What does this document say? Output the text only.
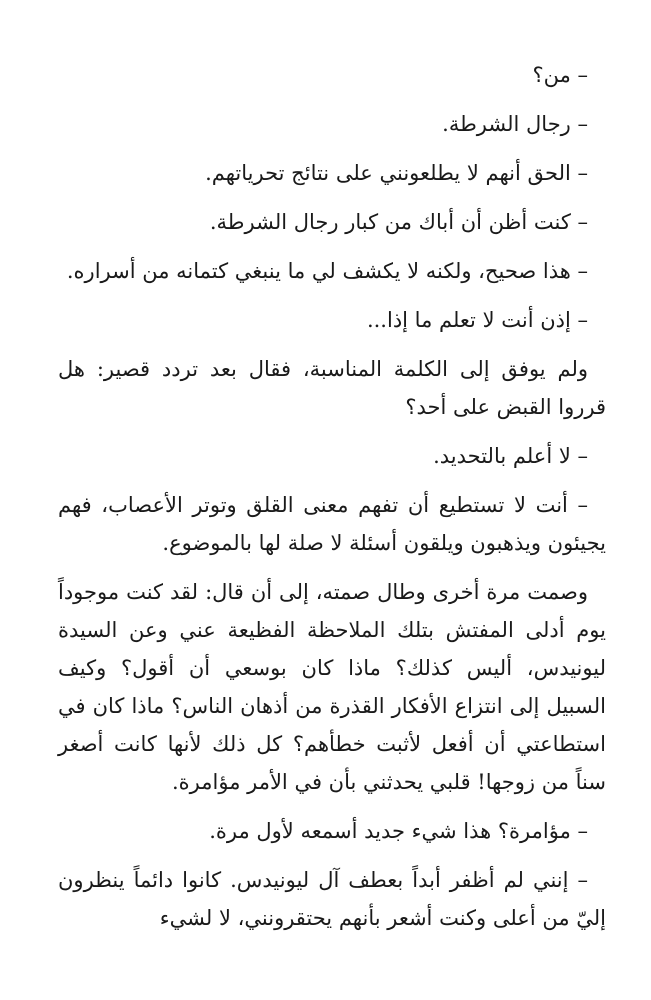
– من؟

– رجال الشرطة.

– الحق أنهم لا يطلعونني على نتائج تحرياتهم.

– كنت أظن أن أباك من كبار رجال الشرطة.

– هذا صحيح، ولكنه لا يكشف لي ما ينبغي كتمانه من أسراره.

– إذن أنت لا تعلم ما إذا...

ولم يوفق إلى الكلمة المناسبة، فقال بعد تردد قصير: هل قرروا القبض على أحد؟

– لا أعلم بالتحديد.

– أنت لا تستطيع أن تفهم معنى القلق وتوتر الأعصاب، فهم يجيئون ويذهبون ويلقون أسئلة لا صلة لها بالموضوع.

وصمت مرة أخرى وطال صمته، إلى أن قال: لقد كنت موجوداً يوم أدلى المفتش بتلك الملاحظة الفظيعة عني وعن السيدة ليونيدس، أليس كذلك؟ ماذا كان بوسعي أن أقول؟ وكيف السبيل إلى انتزاع الأفكار القذرة من أذهان الناس؟ ماذا كان في استطاعتي أن أفعل لأثبت خطأهم؟ كل ذلك لأنها كانت أصغر سناً من زوجها! قلبي يحدثني بأن في الأمر مؤامرة.

– مؤامرة؟ هذا شيء جديد أسمعه لأول مرة.

– إنني لم أظفر أبداً بعطف آل ليونيدس. كانوا دائماً ينظرون إليّ من أعلى وكنت أشعر بأنهم يحتقرونني، لا لشيء
